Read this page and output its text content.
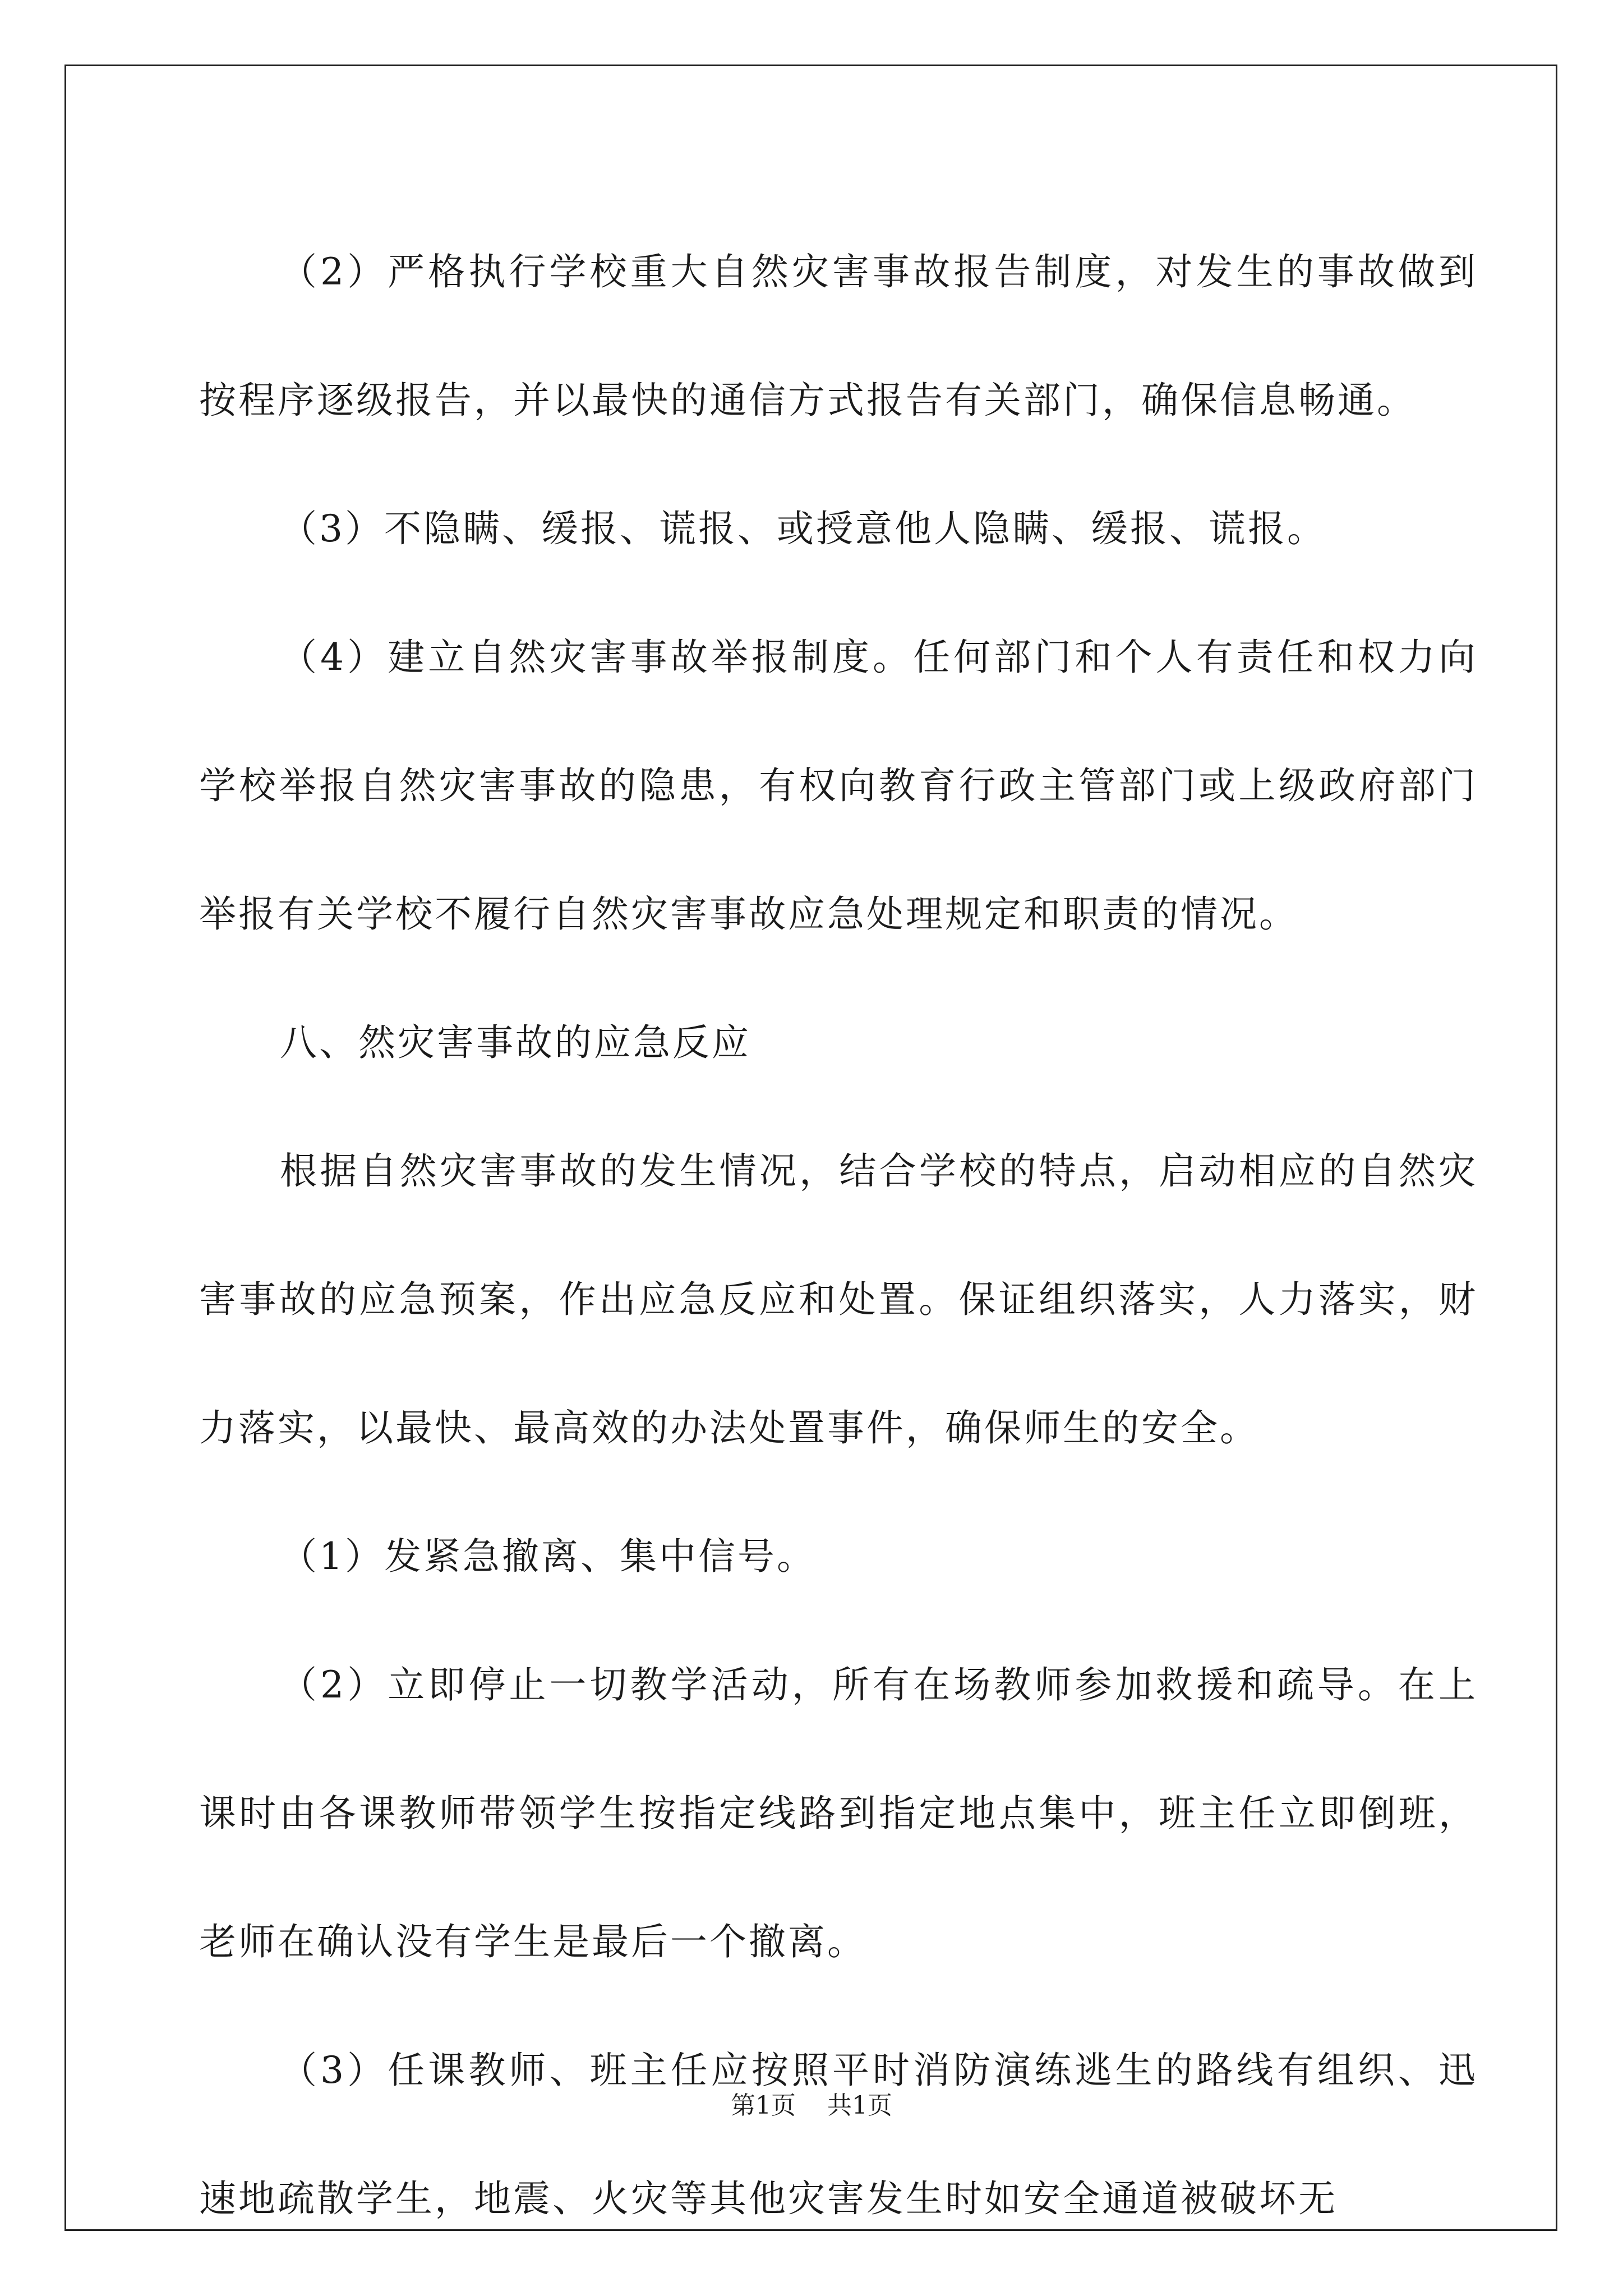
（2）严格执行学校重大自然灾害事故报告制度，对发生的事故做到按程序逐级报告，并以最快的通信方式报告有关部门，确保信息畅通。

（3）不隐瞒、缓报、谎报、或授意他人隐瞒、缓报、谎报。

（4）建立自然灾害事故举报制度。任何部门和个人有责任和权力向学校举报自然灾害事故的隐患，有权向教育行政主管部门或上级政府部门举报有关学校不履行自然灾害事故应急处理规定和职责的情况。

八、然灾害事故的应急反应

根据自然灾害事故的发生情况，结合学校的特点，启动相应的自然灾害事故的应急预案，作出应急反应和处置。保证组织落实，人力落实，财力落实，以最快、最高效的办法处置事件，确保师生的安全。

（1）发紧急撤离、集中信号。

（2）立即停止一切教学活动，所有在场教师参加救援和疏导。在上课时由各课教师带领学生按指定线路到指定地点集中，班主任立即倒班，老师在确认没有学生是最后一个撤离。

（3）任课教师、班主任应按照平时消防演练逃生的路线有组织、迅速地疏散学生，地震、火灾等其他灾害发生时如安全通道被破坏无

第1页 共1页
